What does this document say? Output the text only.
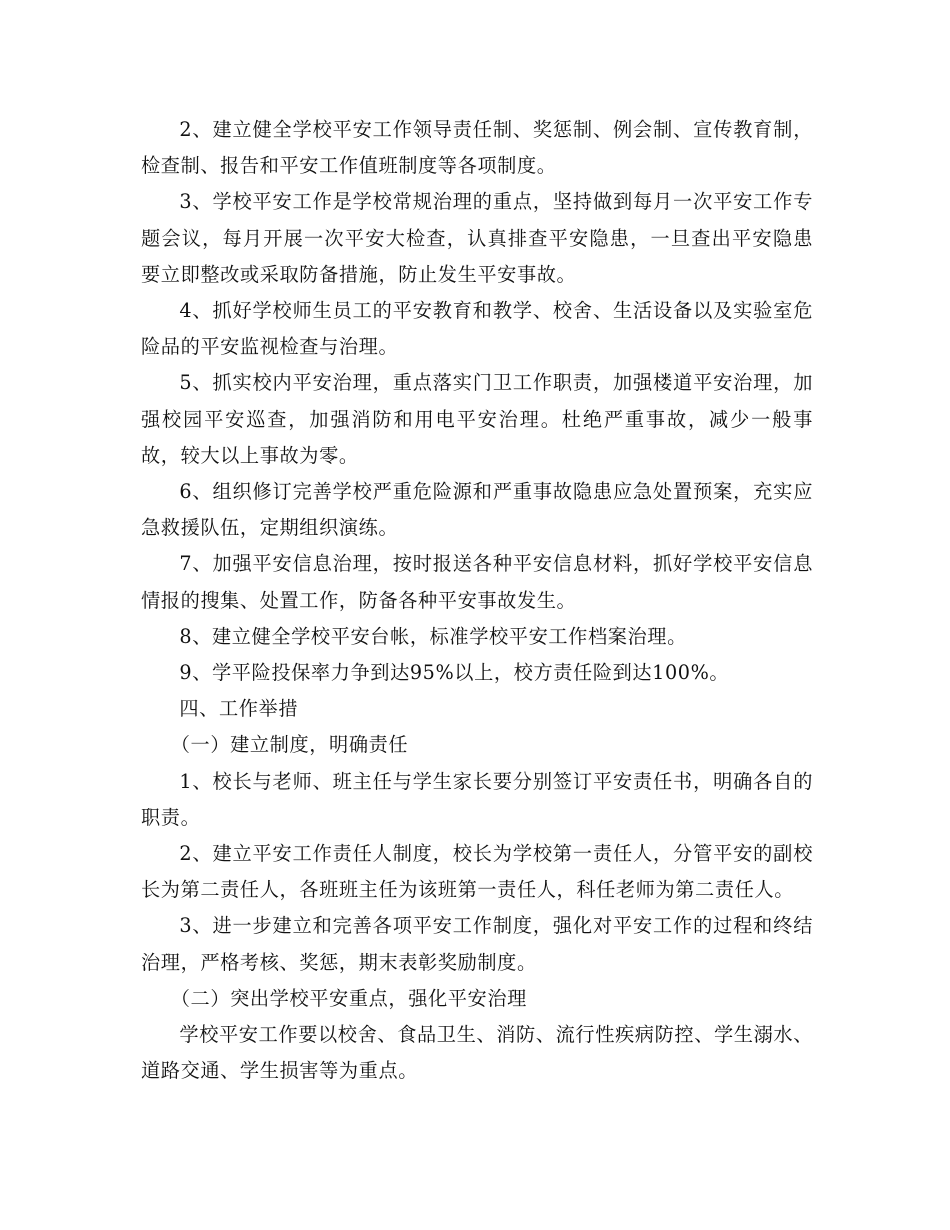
2、建立健全学校平安工作领导责任制、奖惩制、例会制、宣传教育制，检查制、报告和平安工作值班制度等各项制度。

3、学校平安工作是学校常规治理的重点，坚持做到每月一次平安工作专题会议，每月开展一次平安大检查，认真排查平安隐患，一旦查出平安隐患要立即整改或采取防备措施，防止发生平安事故。

4、抓好学校师生员工的平安教育和教学、校舍、生活设备以及实验室危险品的平安监视检查与治理。

5、抓实校内平安治理，重点落实门卫工作职责，加强楼道平安治理，加强校园平安巡查，加强消防和用电平安治理。杜绝严重事故，减少一般事故，较大以上事故为零。

6、组织修订完善学校严重危险源和严重事故隐患应急处置预案，充实应急救援队伍，定期组织演练。

7、加强平安信息治理，按时报送各种平安信息材料，抓好学校平安信息情报的搜集、处置工作，防备各种平安事故发生。

8、建立健全学校平安台帐，标准学校平安工作档案治理。

9、学平险投保率力争到达95%以上，校方责任险到达100%。

四、工作举措

（一）建立制度，明确责任

1、校长与老师、班主任与学生家长要分别签订平安责任书，明确各自的职责。

2、建立平安工作责任人制度，校长为学校第一责任人，分管平安的副校长为第二责任人，各班班主任为该班第一责任人，科任老师为第二责任人。

3、进一步建立和完善各项平安工作制度，强化对平安工作的过程和终结治理，严格考核、奖惩，期末表彰奖励制度。

（二）突出学校平安重点，强化平安治理

学校平安工作要以校舍、食品卫生、消防、流行性疾病防控、学生溺水、道路交通、学生损害等为重点。
